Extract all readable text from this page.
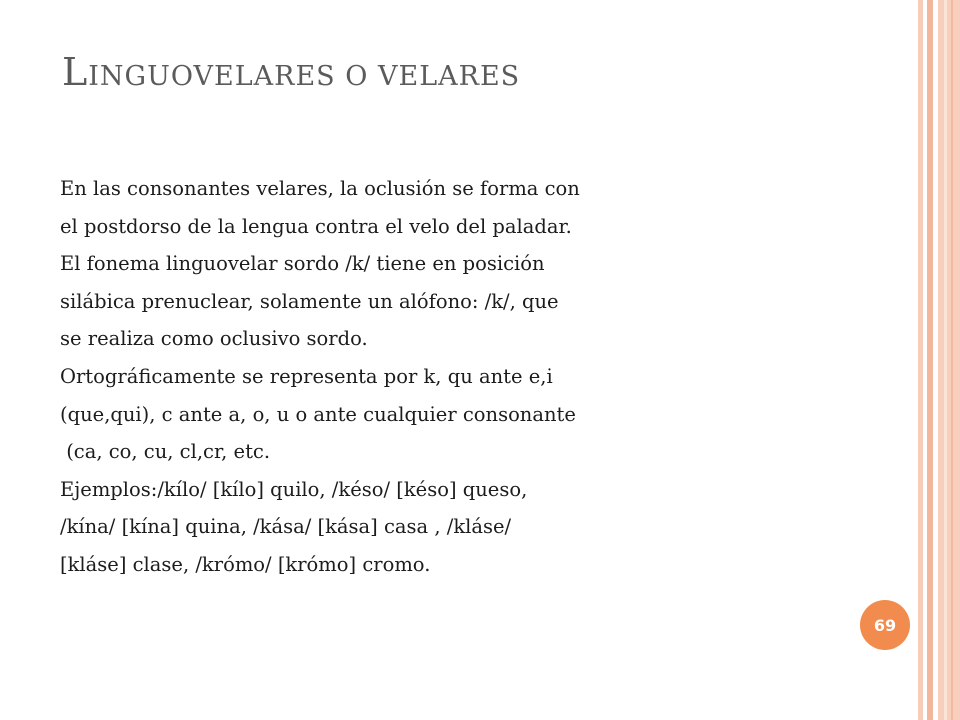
LINGUOVELARES O VELARES
En las consonantes velares, la oclusión se forma con
el postdorso de la lengua contra el velo del paladar.
El fonema linguovelar sordo /k/ tiene en posición
silábica prenuclear, solamente un alófono: /k/, que
se realiza como oclusivo sordo.
Ortográficamente se representa por k, qu ante e,i
(que,qui), c ante a, o, u o ante cualquier consonante
(ca, co, cu, cl,cr, etc.
Ejemplos:/kílo/ [kílo] quilo, /késo/ [késo] queso,
/kína/ [kína] quina, /kása/ [kása] casa , /kláse/
[kláse] clase, /krómo/ [krómo] cromo.
69
